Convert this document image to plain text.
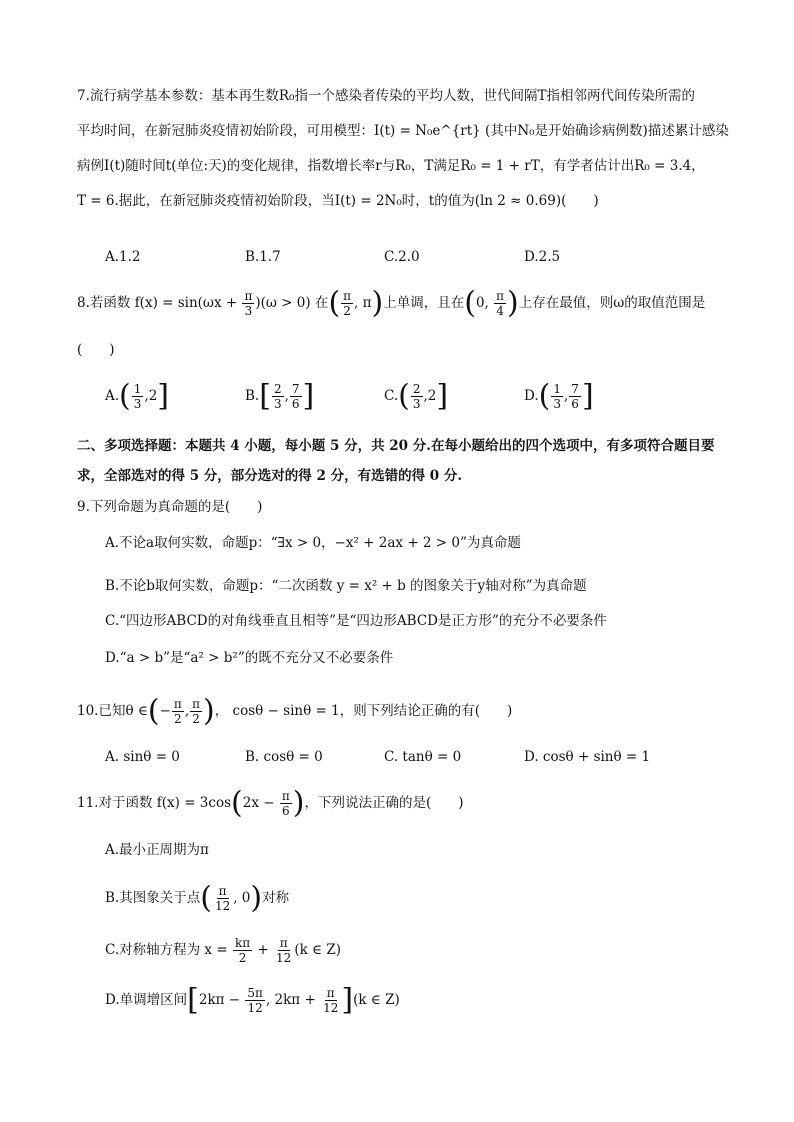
7.流行病学基本参数：基本再生数R₀指一个感染者传染的平均人数，世代间隔T指相邻两代间传染所需的
平均时间，在新冠肺炎疫情初始阶段，可用模型：I(t) = N₀e^{rt} (其中N₀是开始确诊病例数)描述累计感染
病例I(t)随时间t(单位:天)的变化规律，指数增长率r与R₀，T满足R₀ = 1 + rT，有学者估计出R₀ = 3.4，
T = 6.据此，在新冠肺炎疫情初始阶段，当I(t) = 2N₀时，t的值为(ln 2 ≈ 0.69)(　　)
A.1.2	B.1.7	C.2.0	D.2.5
8.若函数 $f(x) = \sin(\omega x + \frac{\pi}{3} )(\omega > 0)$ 在( $\frac{\pi}{2}$ , π)上单调，且在(0, $\frac{\pi}{4}$ )上存在最值，则ω的取值范围是
(　　)
$A.( \frac{1}{3} ,2]$	$B.[ \frac{2}{3}$ , $\frac{7}{6}$ ]	$C.( \frac{2}{3} ,2]$	$D.( \frac{1}{3}$ , $\frac{7}{6}$ ]
二、多项选择题：本题共 4 小题，每小题 5 分，共 20 分.在每小题给出的四个选项中，有多项符合题目要
求，全部选对的得 5 分，部分选对的得 2 分，有选错的得 0 分.
9.下列命题为真命题的是(　　)
A.不论a取何实数，命题p：“∃x > 0，−x² + 2ax + 2 > 0”为真命题
B.不论b取何实数，命题p：“二次函数 y = x² + b 的图象关于y轴对称”为真命题
C.“四边形ABCD的对角线垂直且相等”是“四边形ABCD是正方形”的充分不必要条件
D.“a > b”是“a² > b²”的既不充分又不必要条件
10.已知θ ∈(− $\frac{\pi}{2}$ , $\frac{\pi}{2}$ )， cosθ − sinθ = 1，则下列结论正确的有(　　)
A. sinθ = 0	B. cosθ = 0	C. tanθ = 0	D. cosθ + sinθ = 1
11.对于函数 $f(x) = 3\cos(2x - \frac{\pi}{6}$ )，下列说法正确的是(　　)
A.最小正周期为π
B.其图象关于点( $\frac{\pi}{12}$ , 0)对称
C.对称轴方程为 $x = \frac{k\pi}{2} + \frac{\pi}{12} (k$ ∈ Z)
D.单调增区间[$2k\pi - \frac{5\pi}{12}$ , $2k\pi + \frac{\pi}{12} ](k$ ∈ Z)
